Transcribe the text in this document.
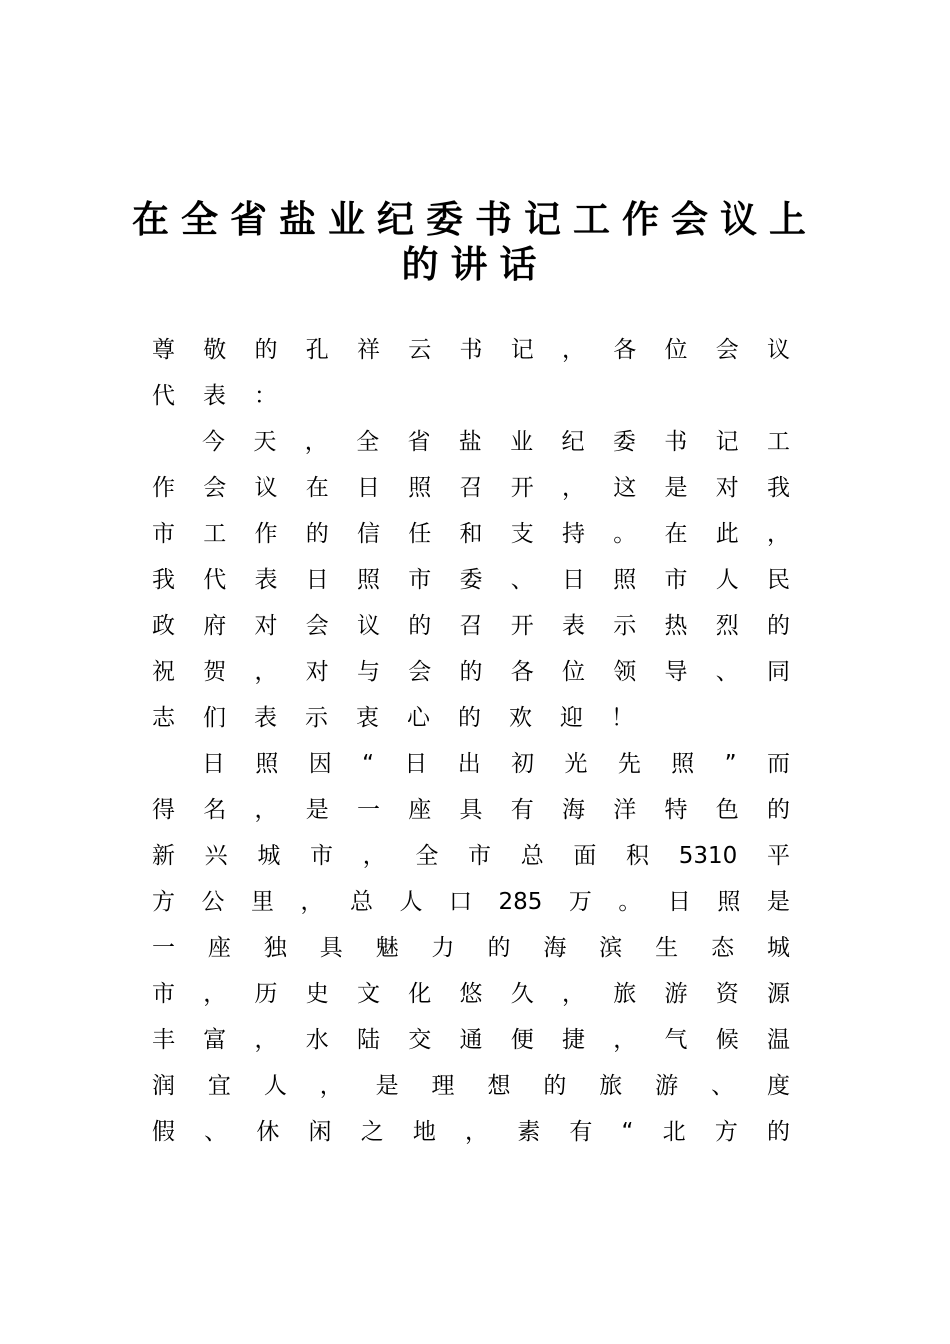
在全省盐业纪委书记工作会议上
的讲话
尊 敬 的 孔 祥 云 书 记 ， 各 位 会 议
代 表 ：
今 天 ， 全 省 盐 业 纪 委 书 记 工
作 会 议 在 日 照 召 开 ， 这 是 对 我
市 工 作 的 信 任 和 支 持 。 在 此 ，
我 代 表 日 照 市 委 、 日 照 市 人 民
政 府 对 会 议 的 召 开 表 示 热 烈 的
祝 贺 ， 对 与 会 的 各 位 领 导 、 同
志 们 表 示 衷 心 的 欢 迎 ！
日 照 因 “ 日 出 初 光 先 照 ” 而
得 名 ， 是 一 座 具 有 海 洋 特 色 的
新 兴 城 市 ， 全 市 总 面 积 5310 平
方 公 里 ， 总 人 口 285 万 。 日 照 是
一 座 独 具 魅 力 的 海 滨 生 态 城
市 ， 历 史 文 化 悠 久 ， 旅 游 资 源
丰 富 ， 水 陆 交 通 便 捷 ， 气 候 温
润 宜 人 ， 是 理 想 的 旅 游 、 度
假 、 休 闲 之 地 ， 素 有 “ 北 方 的
